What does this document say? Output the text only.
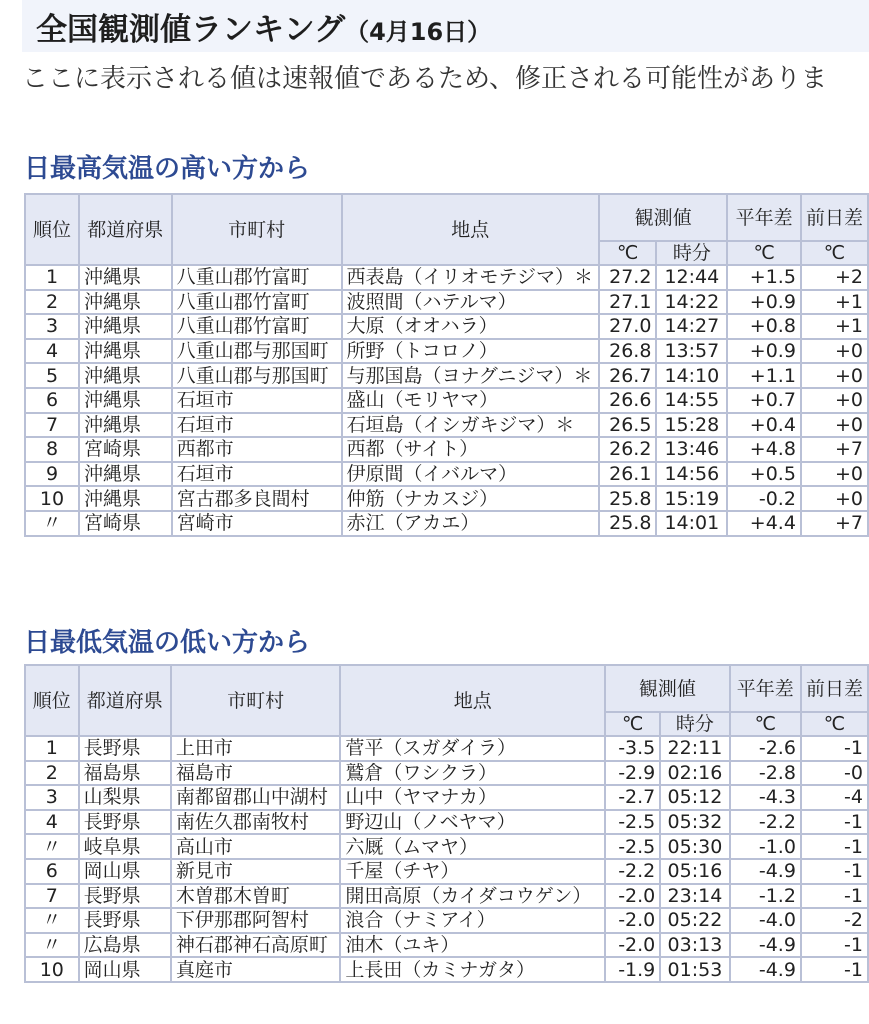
全国観測値ランキング（4月16日）
ここに表示される値は速報値であるため、修正される可能性がありま
日最高気温の高い方から
順位	都道府県	市町村	地点	観測値		平年差	前日差
				℃	時分	℃	℃
1	沖縄県	八重山郡竹富町	西表島（イリオモテジマ）＊	27.2	12:44	+1.5	+2
2	沖縄県	八重山郡竹富町	波照間（ハテルマ）	27.1	14:22	+0.9	+1
3	沖縄県	八重山郡竹富町	大原（オオハラ）	27.0	14:27	+0.8	+1
4	沖縄県	八重山郡与那国町	所野（トコロノ）	26.8	13:57	+0.9	+0
5	沖縄県	八重山郡与那国町	与那国島（ヨナグニジマ）＊	26.7	14:10	+1.1	+0
6	沖縄県	石垣市	盛山（モリヤマ）	26.6	14:55	+0.7	+0
7	沖縄県	石垣市	石垣島（イシガキジマ）＊	26.5	15:28	+0.4	+0
8	宮崎県	西都市	西都（サイト）	26.2	13:46	+4.8	+7
9	沖縄県	石垣市	伊原間（イバルマ）	26.1	14:56	+0.5	+0
10	沖縄県	宮古郡多良間村	仲筋（ナカスジ）	25.8	15:19	-0.2	+0
〃	宮崎県	宮崎市	赤江（アカエ）	25.8	14:01	+4.4	+7
日最低気温の低い方から
順位	都道府県	市町村	地点	観測値		平年差	前日差
				℃	時分	℃	℃
1	長野県	上田市	菅平（スガダイラ）	-3.5	22:11	-2.6	-1
2	福島県	福島市	鷲倉（ワシクラ）	-2.9	02:16	-2.8	-0
3	山梨県	南都留郡山中湖村	山中（ヤマナカ）	-2.7	05:12	-4.3	-4
4	長野県	南佐久郡南牧村	野辺山（ノベヤマ）	-2.5	05:32	-2.2	-1
〃	岐阜県	高山市	六厩（ムマヤ）	-2.5	05:30	-1.0	-1
6	岡山県	新見市	千屋（チヤ）	-2.2	05:16	-4.9	-1
7	長野県	木曽郡木曽町	開田高原（カイダコウゲン）	-2.0	23:14	-1.2	-1
〃	長野県	下伊那郡阿智村	浪合（ナミアイ）	-2.0	05:22	-4.0	-2
〃	広島県	神石郡神石高原町	油木（ユキ）	-2.0	03:13	-4.9	-1
10	岡山県	真庭市	上長田（カミナガタ）	-1.9	01:53	-4.9	-1
